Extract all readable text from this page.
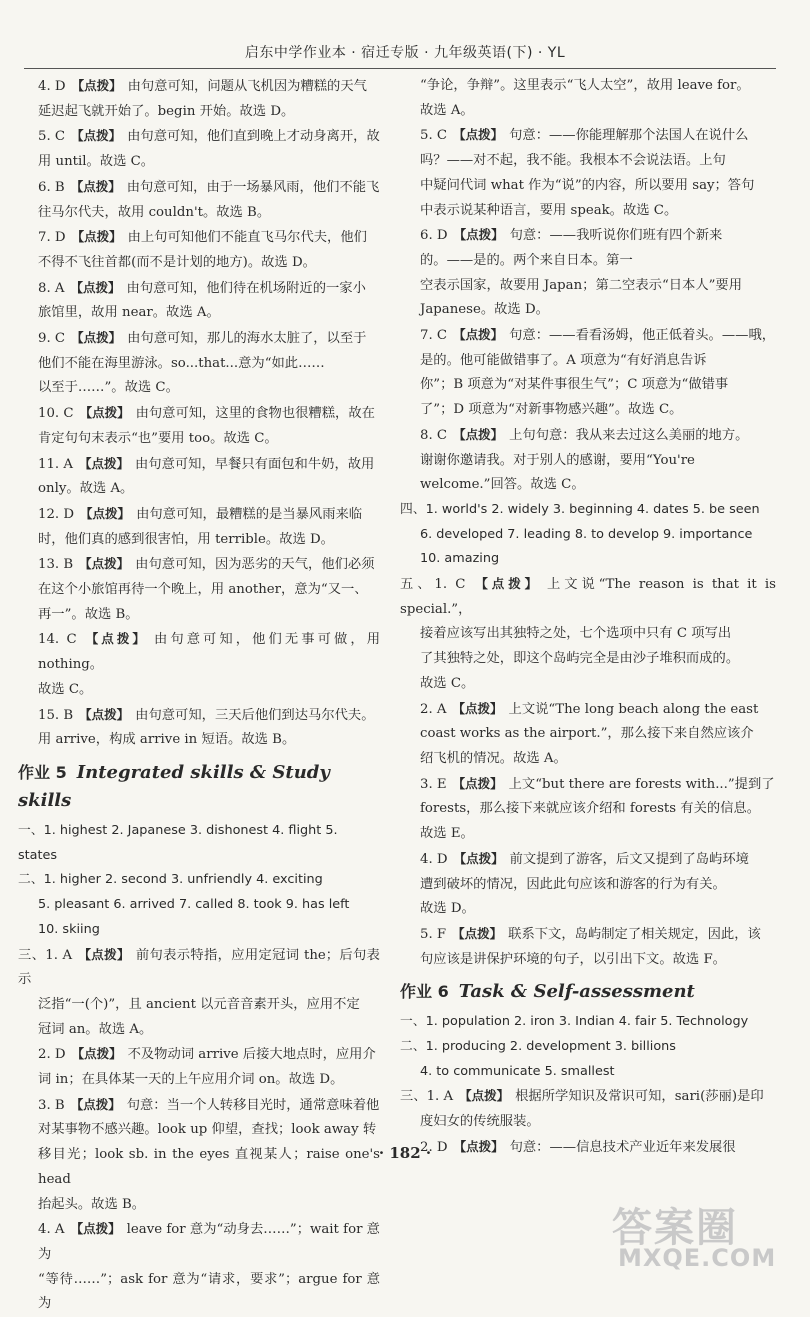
启东中学作业本 · 宿迁专版 · 九年级英语(下) · YL
4. D 【点拨】 由句意可知，问题从飞机因为糟糕的天气
延迟起飞就开始了。begin 开始。故选 D。
5. C 【点拨】 由句意可知，他们直到晚上才动身离开，故
用 until。故选 C。
6. B 【点拨】 由句意可知，由于一场暴风雨，他们不能飞
往马尔代夫，故用 couldn't。故选 B。
7. D 【点拨】 由上句可知他们不能直飞马尔代夫，他们
不得不飞往首都(而不是计划的地方)。故选 D。
8. A 【点拨】 由句意可知，他们待在机场附近的一家小
旅馆里，故用 near。故选 A。
9. C 【点拨】 由句意可知，那儿的海水太脏了，以至于
他们不能在海里游泳。so...that...意为“如此……
以至于……”。故选 C。
10. C 【点拨】 由句意可知，这里的食物也很糟糕，故在
肯定句句末表示“也”要用 too。故选 C。
11. A 【点拨】 由句意可知，早餐只有面包和牛奶，故用
only。故选 A。
12. D 【点拨】 由句意可知，最糟糕的是当暴风雨来临
时，他们真的感到很害怕，用 terrible。故选 D。
13. B 【点拨】 由句意可知，因为恶劣的天气，他们必须
在这个小旅馆再待一个晚上，用 another，意为“又一、
再一”。故选 B。
14. C 【点拨】 由句意可知，他们无事可做，用 nothing。
故选 C。
15. B 【点拨】 由句意可知，三天后他们到达马尔代夫。
用 arrive，构成 arrive in 短语。故选 B。
作业 5 Integrated skills & Study skills
一、1. highest 2. Japanese 3. dishonest 4. flight 5. states
二、1. higher 2. second 3. unfriendly 4. exciting
5. pleasant 6. arrived 7. called 8. took 9. has left
10. skiing
三、1. A 【点拨】 前句表示特指，应用定冠词 the；后句表示
泛指“一(个)”，且 ancient 以元音音素开头，应用不定
冠词 an。故选 A。
2. D 【点拨】 不及物动词 arrive 后接大地点时，应用介
词 in；在具体某一天的上午应用介词 on。故选 D。
3. B 【点拨】 句意：当一个人转移目光时，通常意味着他
对某事物不感兴趣。look up 仰望，查找；look away 转
移目光；look sb. in the eyes 直视某人；raise one's head
抬起头。故选 B。
4. A 【点拨】 leave for 意为“动身去……”；wait for 意为
“等待……”；ask for 意为“请求，要求”；argue for 意为
“争论，争辩”。这里表示“飞人太空”，故用 leave for。
故选 A。
5. C 【点拨】 句意：——你能理解那个法国人在说什么
吗？——对不起，我不能。我根本不会说法语。上句
中疑问代词 what 作为“说”的内容，所以要用 say；答句
中表示说某种语言，要用 speak。故选 C。
6. D 【点拨】 句意：——我听说你们班有四个新来
的。——是的。两个来自日本。第一
空表示国家，故要用 Japan；第二空表示“日本人”要用
Japanese。故选 D。
7. C 【点拨】 句意：——看看汤姆，他正低着头。——哦，
是的。他可能做错事了。A 项意为“有好消息告诉
你”；B 项意为“对某件事很生气”；C 项意为“做错事
了”；D 项意为“对新事物感兴趣”。故选 C。
8. C 【点拨】 上句句意：我从来去过这么美丽的地方。
谢谢你邀请我。对于别人的感谢，要用“You're
welcome.”回答。故选 C。
四、1. world's 2. widely 3. beginning 4. dates 5. be seen
6. developed 7. leading 8. to develop 9. importance
10. amazing
五、1. C 【点拨】 上文说“The reason is that it is special.”，
接着应该写出其独特之处，七个选项中只有 C 项写出
了其独特之处，即这个岛屿完全是由沙子堆积而成的。
故选 C。
2. A 【点拨】 上文说“The long beach along the east
coast works as the airport.”，那么接下来自然应该介
绍飞机的情况。故选 A。
3. E 【点拨】 上文“but there are forests with...”提到了
forests，那么接下来就应该介绍和 forests 有关的信息。
故选 E。
4. D 【点拨】 前文提到了游客，后文又提到了岛屿环境
遭到破坏的情况，因此此句应该和游客的行为有关。
故选 D。
5. F 【点拨】 联系下文，岛屿制定了相关规定，因此，该
句应该是讲保护环境的句子，以引出下文。故选 F。
作业 6 Task & Self-assessment
一、1. population 2. iron 3. Indian 4. fair 5. Technology
二、1. producing 2. development 3. billions
4. to communicate 5. smallest
三、1. A 【点拨】 根据所学知识及常识可知，sari(莎丽)是印
度妇女的传统服装。
2. D 【点拨】 句意：——信息技术产业近年来发展很
· 182 ·
答案圈
MXQE.COM
